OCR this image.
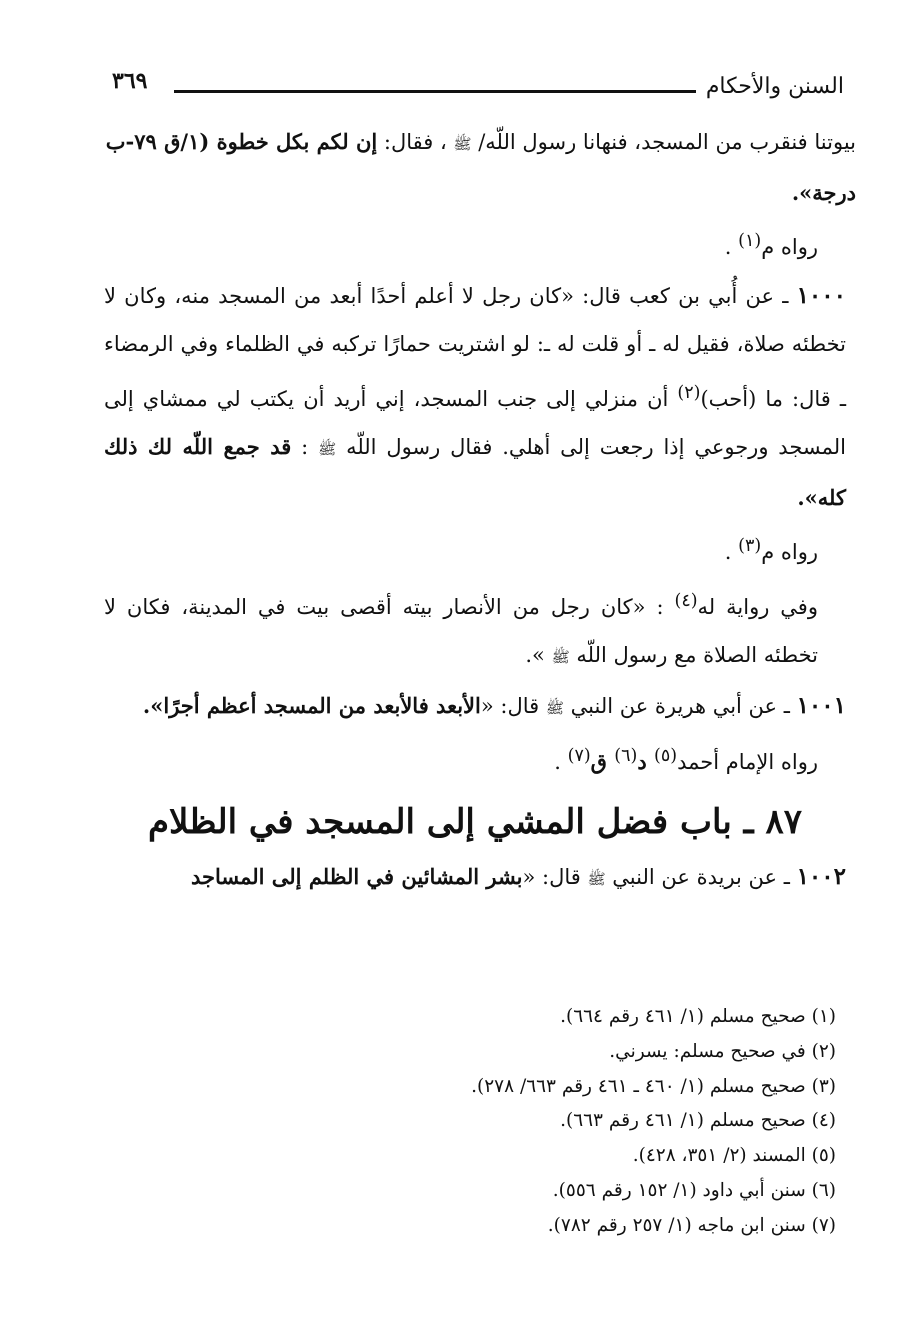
السنن والأحكام
٣٦٩

بيوتنا فنقرب من المسجد، فنهانا رسول اللّه/ ﷺ ، فقال: إن لكم بكل خطوة (١/ق ٧٩-ب
درجة».

رواه م$^{(١)}$ .

١٠٠٠ ـ عن أُبي بن كعب قال: «كان رجل لا أعلم أحدًا أبعد من المسجد منه، وكان لا تخطئه صلاة، فقيل له ـ أو قلت له ـ: لو اشتريت حمارًا تركبه في الظلماء وفي الرمضاء ـ قال: ما (أحب)$^{(٢)}$ أن منزلي إلى جنب المسجد، إني أريد أن يكتب لي ممشاي إلى المسجد ورجوعي إذا رجعت إلى أهلي. فقال رسول اللّه ﷺ : قد جمع اللّه لك ذلك كله».

رواه م$^{(٣)}$ .

وفي رواية له$^{(٤)}$ : «كان رجل من الأنصار بيته أقصى بيت في المدينة، فكان لا تخطئه الصلاة مع رسول اللّه ﷺ ».

١٠٠١ ـ عن أبي هريرة عن النبي ﷺ قال: «الأبعد فالأبعد من المسجد أعظم أجرًا».

رواه الإمام أحمد$^{(٥)}$ د$^{(٦)}$ ق$^{(٧)}$ .

٨٧ ـ باب فضل المشي إلى المسجد في الظلام

١٠٠٢ ـ عن بريدة عن النبي ﷺ قال: «بشر المشائين في الظلم إلى المساجد

(١) صحيح مسلم (١/ ٤٦١ رقم ٦٦٤).

(٢) في صحيح مسلم: يسرني.

(٣) صحيح مسلم (١/ ٤٦٠ ـ ٤٦١ رقم ٦٦٣/ ٢٧٨).

(٤) صحيح مسلم (١/ ٤٦١ رقم ٦٦٣).

(٥) المسند (٢/ ٣٥١، ٤٢٨).

(٦) سنن أبي داود (١/ ١٥٢ رقم ٥٥٦).

(٧) سنن ابن ماجه (١/ ٢٥٧ رقم ٧٨٢).
